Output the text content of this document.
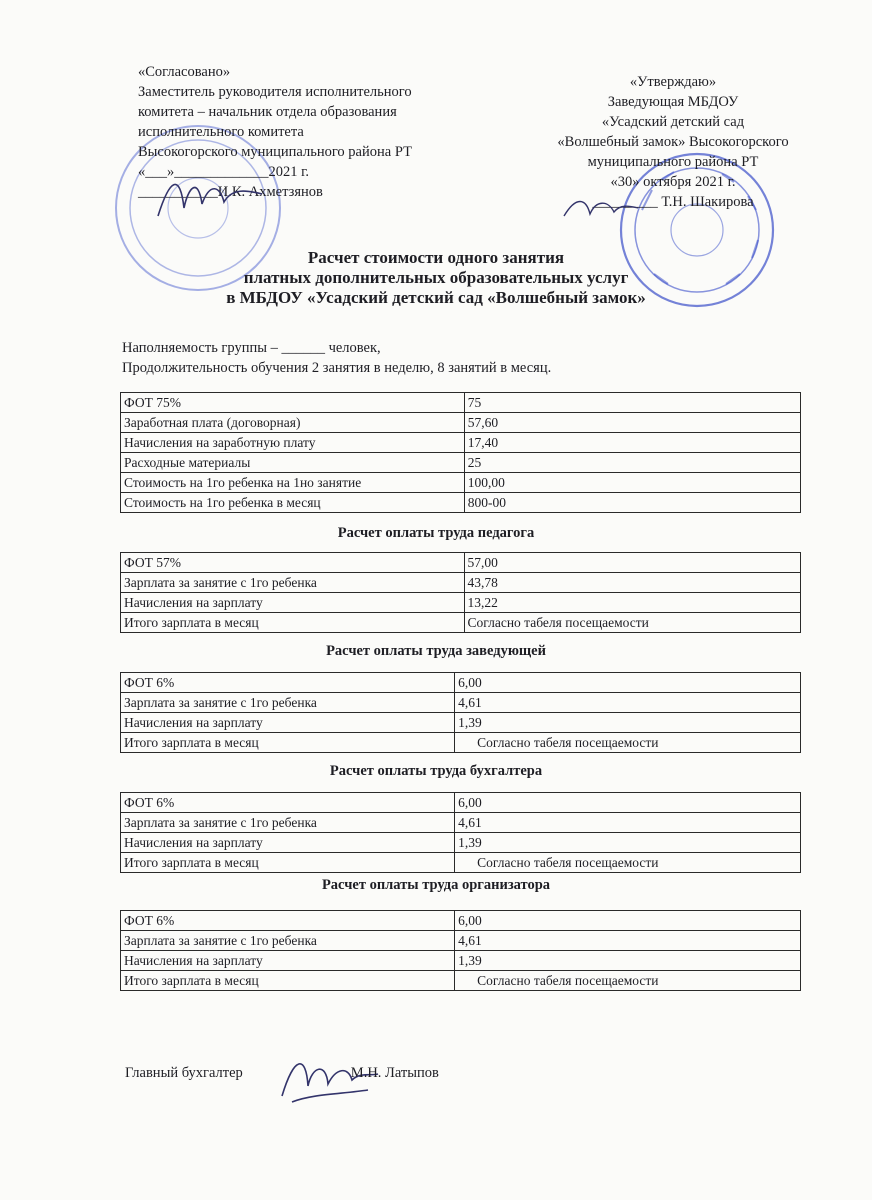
«Согласовано»
Заместитель руководителя исполнительного
комитета – начальник отдела образования
исполнительного комитета
Высокогорского муниципального района РТ
«___»_____________2021 г.
___________И.К. Ахметзянов
«Утверждаю»
Заведующая МБДОУ
«Усадский детский сад
«Волшебный замок» Высокогорского
муниципального района РТ
«30» октября 2021 г.
_________ Т.Н. Шакирова
Расчет стоимости одного занятия
платных дополнительных образовательных услуг
в МБДОУ «Усадский детский сад «Волшебный замок»
Наполняемость группы – ______ человек,
Продолжительность обучения 2 занятия в неделю, 8 занятий в месяц.
ФОТ 75%	75
Заработная плата (договорная)	57,60
Начисления на заработную плату	17,40
Расходные материалы	25
Стоимость на 1го ребенка на 1но занятие	100,00
Стоимость на 1го ребенка в месяц	800-00
Расчет оплаты труда педагога
ФОТ 57%	57,00
Зарплата за занятие с 1го ребенка	43,78
Начисления на зарплату	13,22
Итого зарплата в месяц	Согласно табеля посещаемости
Расчет оплаты труда заведующей
ФОТ 6%	6,00
Зарплата за занятие с 1го ребенка	4,61
Начисления на зарплату	1,39
Итого зарплата в месяц	Согласно табеля посещаемости
Расчет оплаты труда бухгалтера
ФОТ 6%	6,00
Зарплата за занятие с 1го ребенка	4,61
Начисления на зарплату	1,39
Итого зарплата в месяц	Согласно табеля посещаемости
Расчет оплаты труда организатора
ФОТ 6%	6,00
Зарплата за занятие с 1го ребенка	4,61
Начисления на зарплату	1,39
Итого зарплата в месяц	Согласно табеля посещаемости
Главный бухгалтер	М.Н. Латыпов
